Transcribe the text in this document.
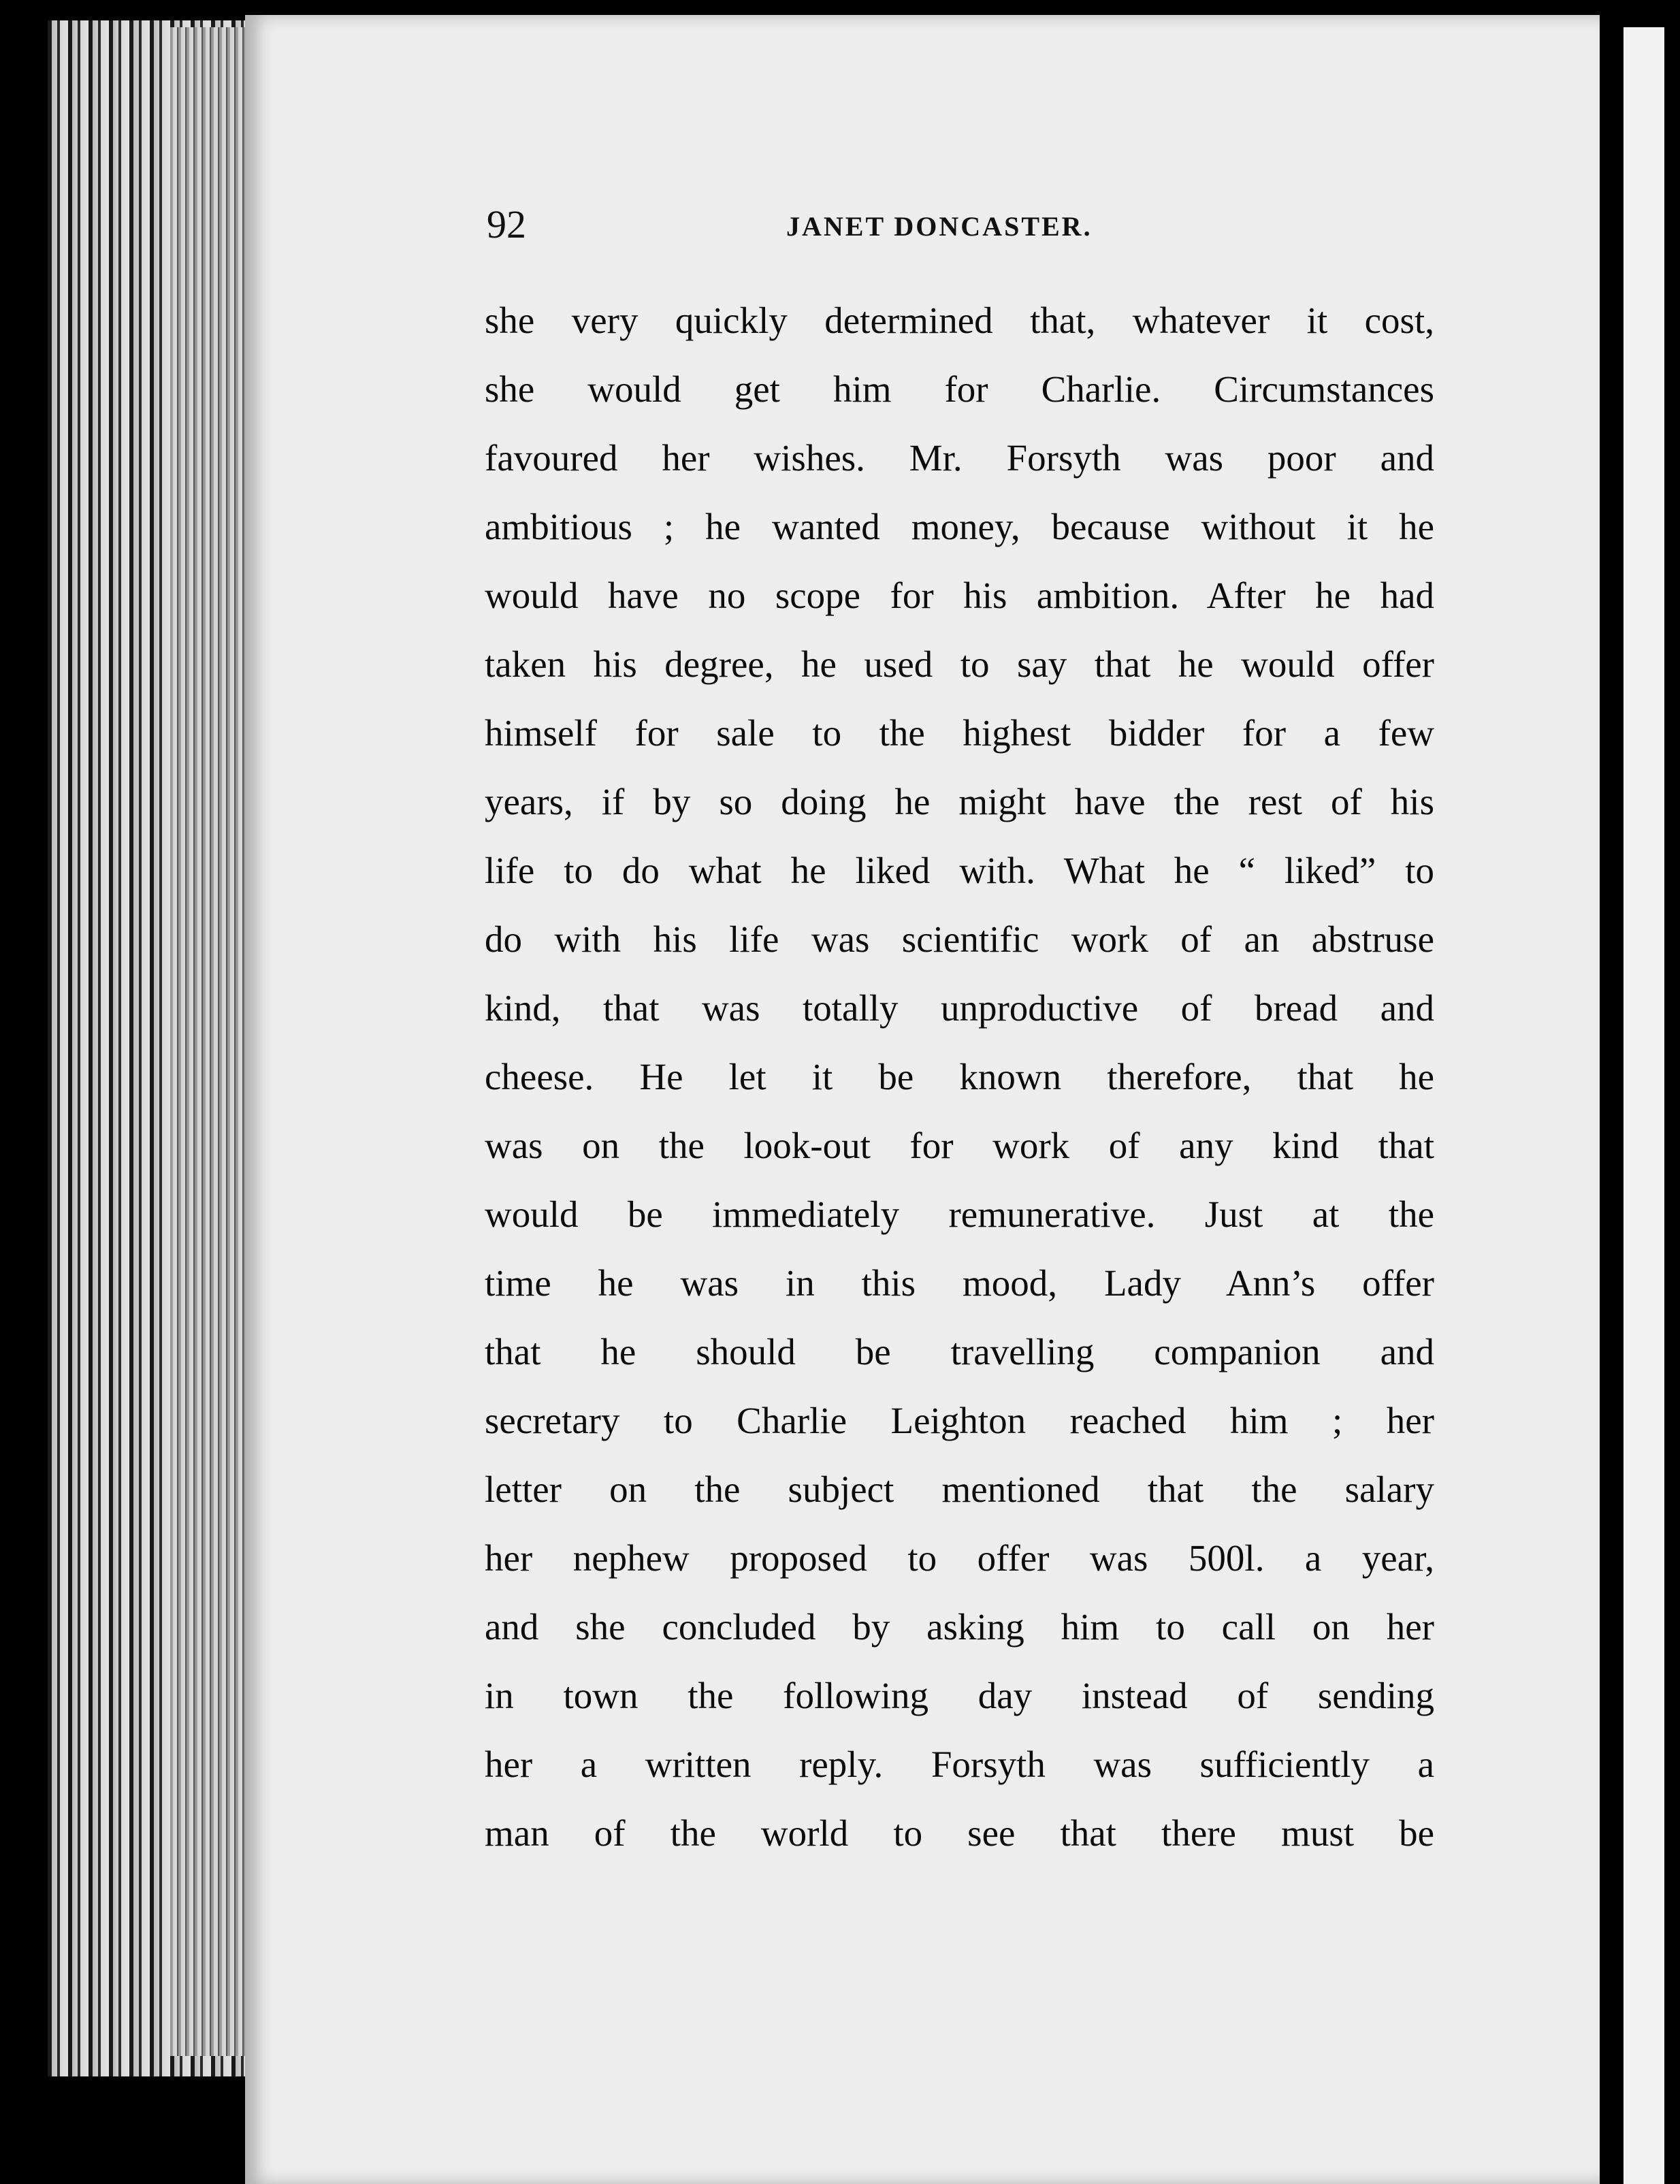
92	JANET DONCASTER.
she very quickly determined that, whatever it cost,
she would get him for Charlie. Circumstances
favoured her wishes. Mr. Forsyth was poor and
ambitious ; he wanted money, because without it he
would have no scope for his ambition. After he had
taken his degree, he used to say that he would offer
himself for sale to the highest bidder for a few
years, if by so doing he might have the rest of his
life to do what he liked with. What he “ liked” to
do with his life was scientific work of an abstruse
kind, that was totally unproductive of bread and
cheese. He let it be known therefore, that he
was on the look-out for work of any kind that
would be immediately remunerative. Just at the
time he was in this mood, Lady Ann’s offer
that he should be travelling companion and
secretary to Charlie Leighton reached him ; her
letter on the subject mentioned that the salary
her nephew proposed to offer was 500l. a year,
and she concluded by asking him to call on her
in town the following day instead of sending
her a written reply. Forsyth was sufficiently a
man of the world to see that there must be
